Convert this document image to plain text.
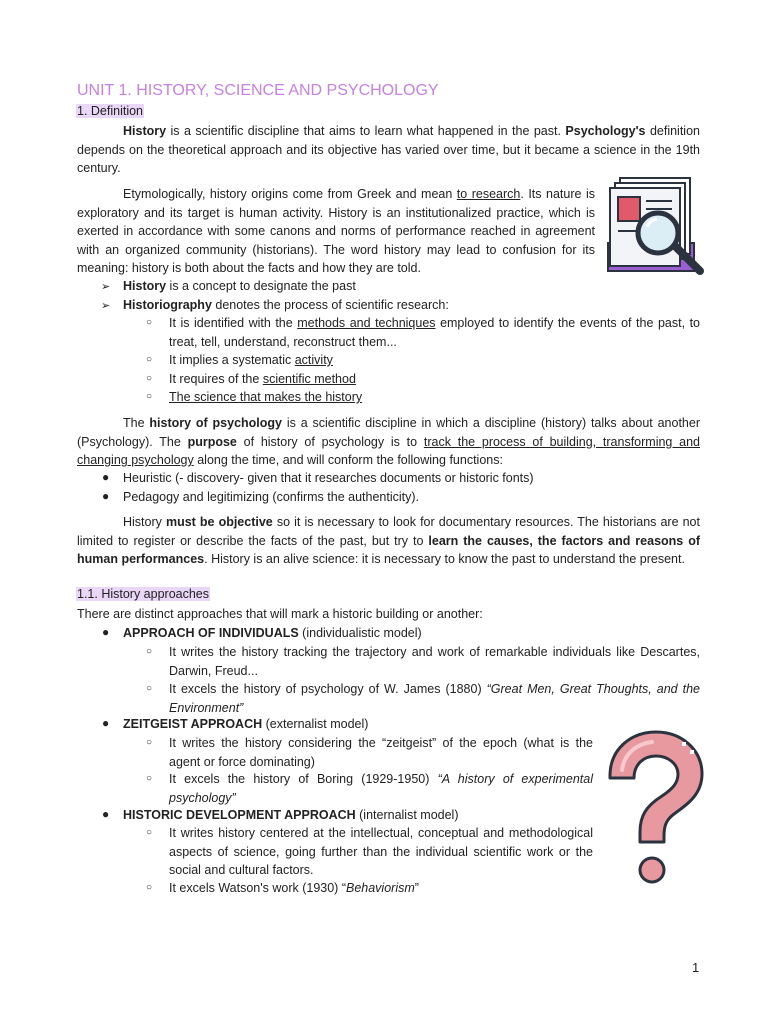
UNIT 1. HISTORY, SCIENCE AND PSYCHOLOGY
1. Definition

History is a scientific discipline that aims to learn what happened in the past. Psychology's definition depends on the theoretical approach and its objective has varied over time, but it became a science in the 19th century.

Etymologically, history origins come from Greek and mean to research. Its nature is exploratory and its target is human activity. History is an institutionalized practice, which is exerted in accordance with some canons and norms of performance reached in agreement with an organized community (historians). The word history may lead to confusion for its meaning: history is both about the facts and how they are told.

➢ History is a concept to designate the past
➢ Historiography denotes the process of scientific research:
○ It is identified with the methods and techniques employed to identify the events of the past, to treat, tell, understand, reconstruct them...

○ It implies a systematic activity
○ It requires of the scientific method
○ The science that makes the history

The history of psychology is a scientific discipline in which a discipline (history) talks about another (Psychology). The purpose of history of psychology is to track the process of building, transforming and changing psychology along the time, and will conform the following functions:

● Heuristic (- discovery- given that it researches documents or historic fonts)
● Pedagogy and legitimizing (confirms the authenticity).

History must be objective so it is necessary to look for documentary resources. The historians are not limited to register or describe the facts of the past, but try to learn the causes, the factors and reasons of human performances. History is an alive science: it is necessary to know the past to understand the present.

1.1. History approaches
There are distinct approaches that will mark a historic building or another:
● APPROACH OF INDIVIDUALS (individualistic model)
○ It writes the history tracking the trajectory and work of remarkable individuals like Descartes, Darwin, Freud...

○ It excels the history of psychology of W. James (1880) “Great Men, Great Thoughts, and the Environment”

● ZEITGEIST APPROACH (externalist model)
○ It writes the history considering the “zeitgeist” of the epoch (what is the agent or force dominating)

○ It excels the history of Boring (1929-1950) “A history of experimental psychology”

● HISTORIC DEVELOPMENT APPROACH (internalist model)
○ It writes history centered at the intellectual, conceptual and methodological aspects of science, going further than the individual scientific work or the social and cultural factors.

○ It excels Watson's work (1930) “Behaviorism”
1
